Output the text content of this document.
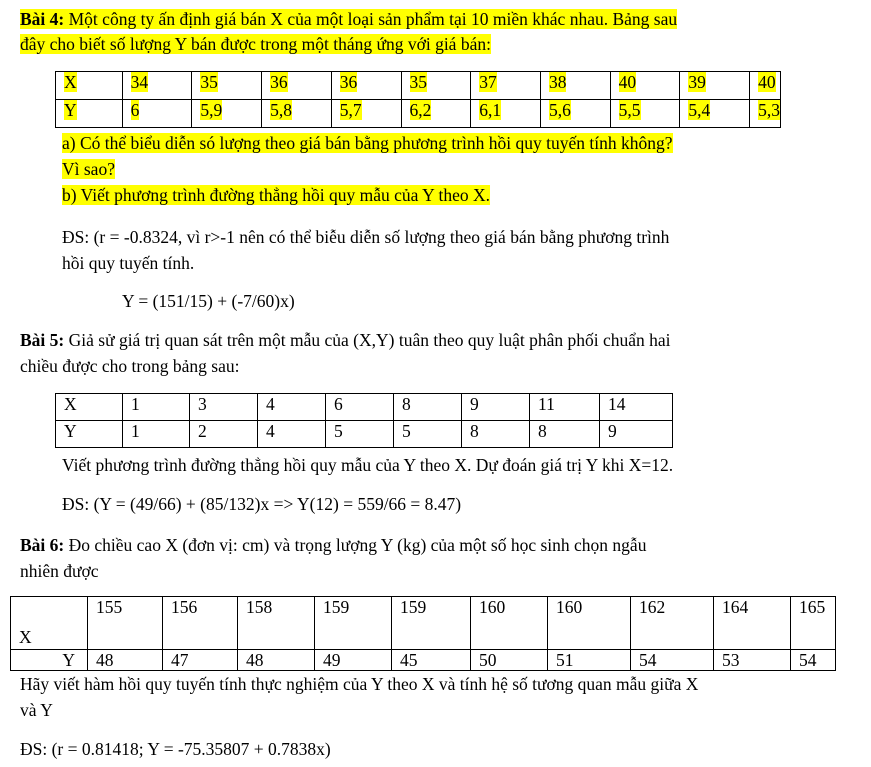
Bài 4: Một công ty ấn định giá bán X của một loại sản phẩm tại 10 miền khác nhau. Bảng sau
đây cho biết số lượng Y bán được trong một tháng ứng với giá bán:
X	34	35	36	36	35	37	38	40	39	40
Y	6	5,9	5,8	5,7	6,2	6,1	5,6	5,5	5,4	5,3
a) Có thể biểu diễn só lượng theo giá bán bằng phương trình hồi quy tuyến tính không?
Vì sao?
b) Viết phương trình đường thẳng hồi quy mẫu của Y theo X.
ĐS: (r = -0.8324, vì r>-1 nên có thể biễu diễn số lượng theo giá bán bằng phương trình
hồi quy tuyến tính.
Y = (151/15) + (-7/60)x)
Bài 5: Giả sử giá trị quan sát trên một mẫu của (X,Y) tuân theo quy luật phân phối chuẩn hai
chiều được cho trong bảng sau:
X	1	3	4	6	8	9	11	14
Y	1	2	4	5	5	8	8	9
Viết phương trình đường thẳng hồi quy mẫu của Y theo X. Dự đoán giá trị Y khi X=12.
ĐS: (Y = (49/66) + (85/132)x => Y(12) = 559/66 = 8.47)
Bài 6: Đo chiều cao X (đơn vị: cm) và trọng lượng Y (kg) của một số học sinh chọn ngẫu
nhiên được
X	155	156	158	159	159	160	160	162	164	165
Y	48	47	48	49	45	50	51	54	53	54
Hãy viết hàm hồi quy tuyến tính thực nghiệm của Y theo X và tính hệ số tương quan mẫu giữa X
và Y
ĐS: (r = 0.81418; Y = -75.35807 + 0.7838x)
